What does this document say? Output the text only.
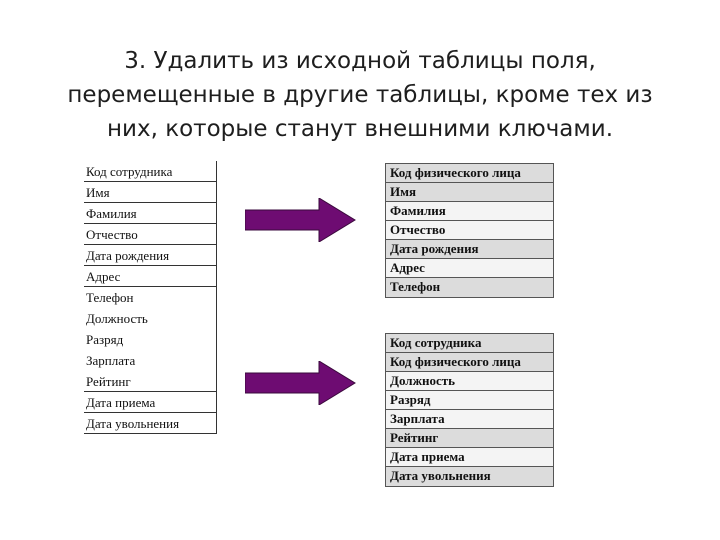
3. Удалить из исходной таблицы поля,
перемещенные в другие таблицы, кроме тех из
них, которые станут внешними ключами.
Код сотрудника
Имя
Фамилия
Отчество
Дата рождения
Адрес
Телефон
Должность
Разряд
Зарплата
Рейтинг
Дата приема
Дата увольнения
Код физического лица
Имя
Фамилия
Отчество
Дата рождения
Адрес
Телефон
Код сотрудника
Код физического лица
Должность
Разряд
Зарплата
Рейтинг
Дата приема
Дата увольнения
